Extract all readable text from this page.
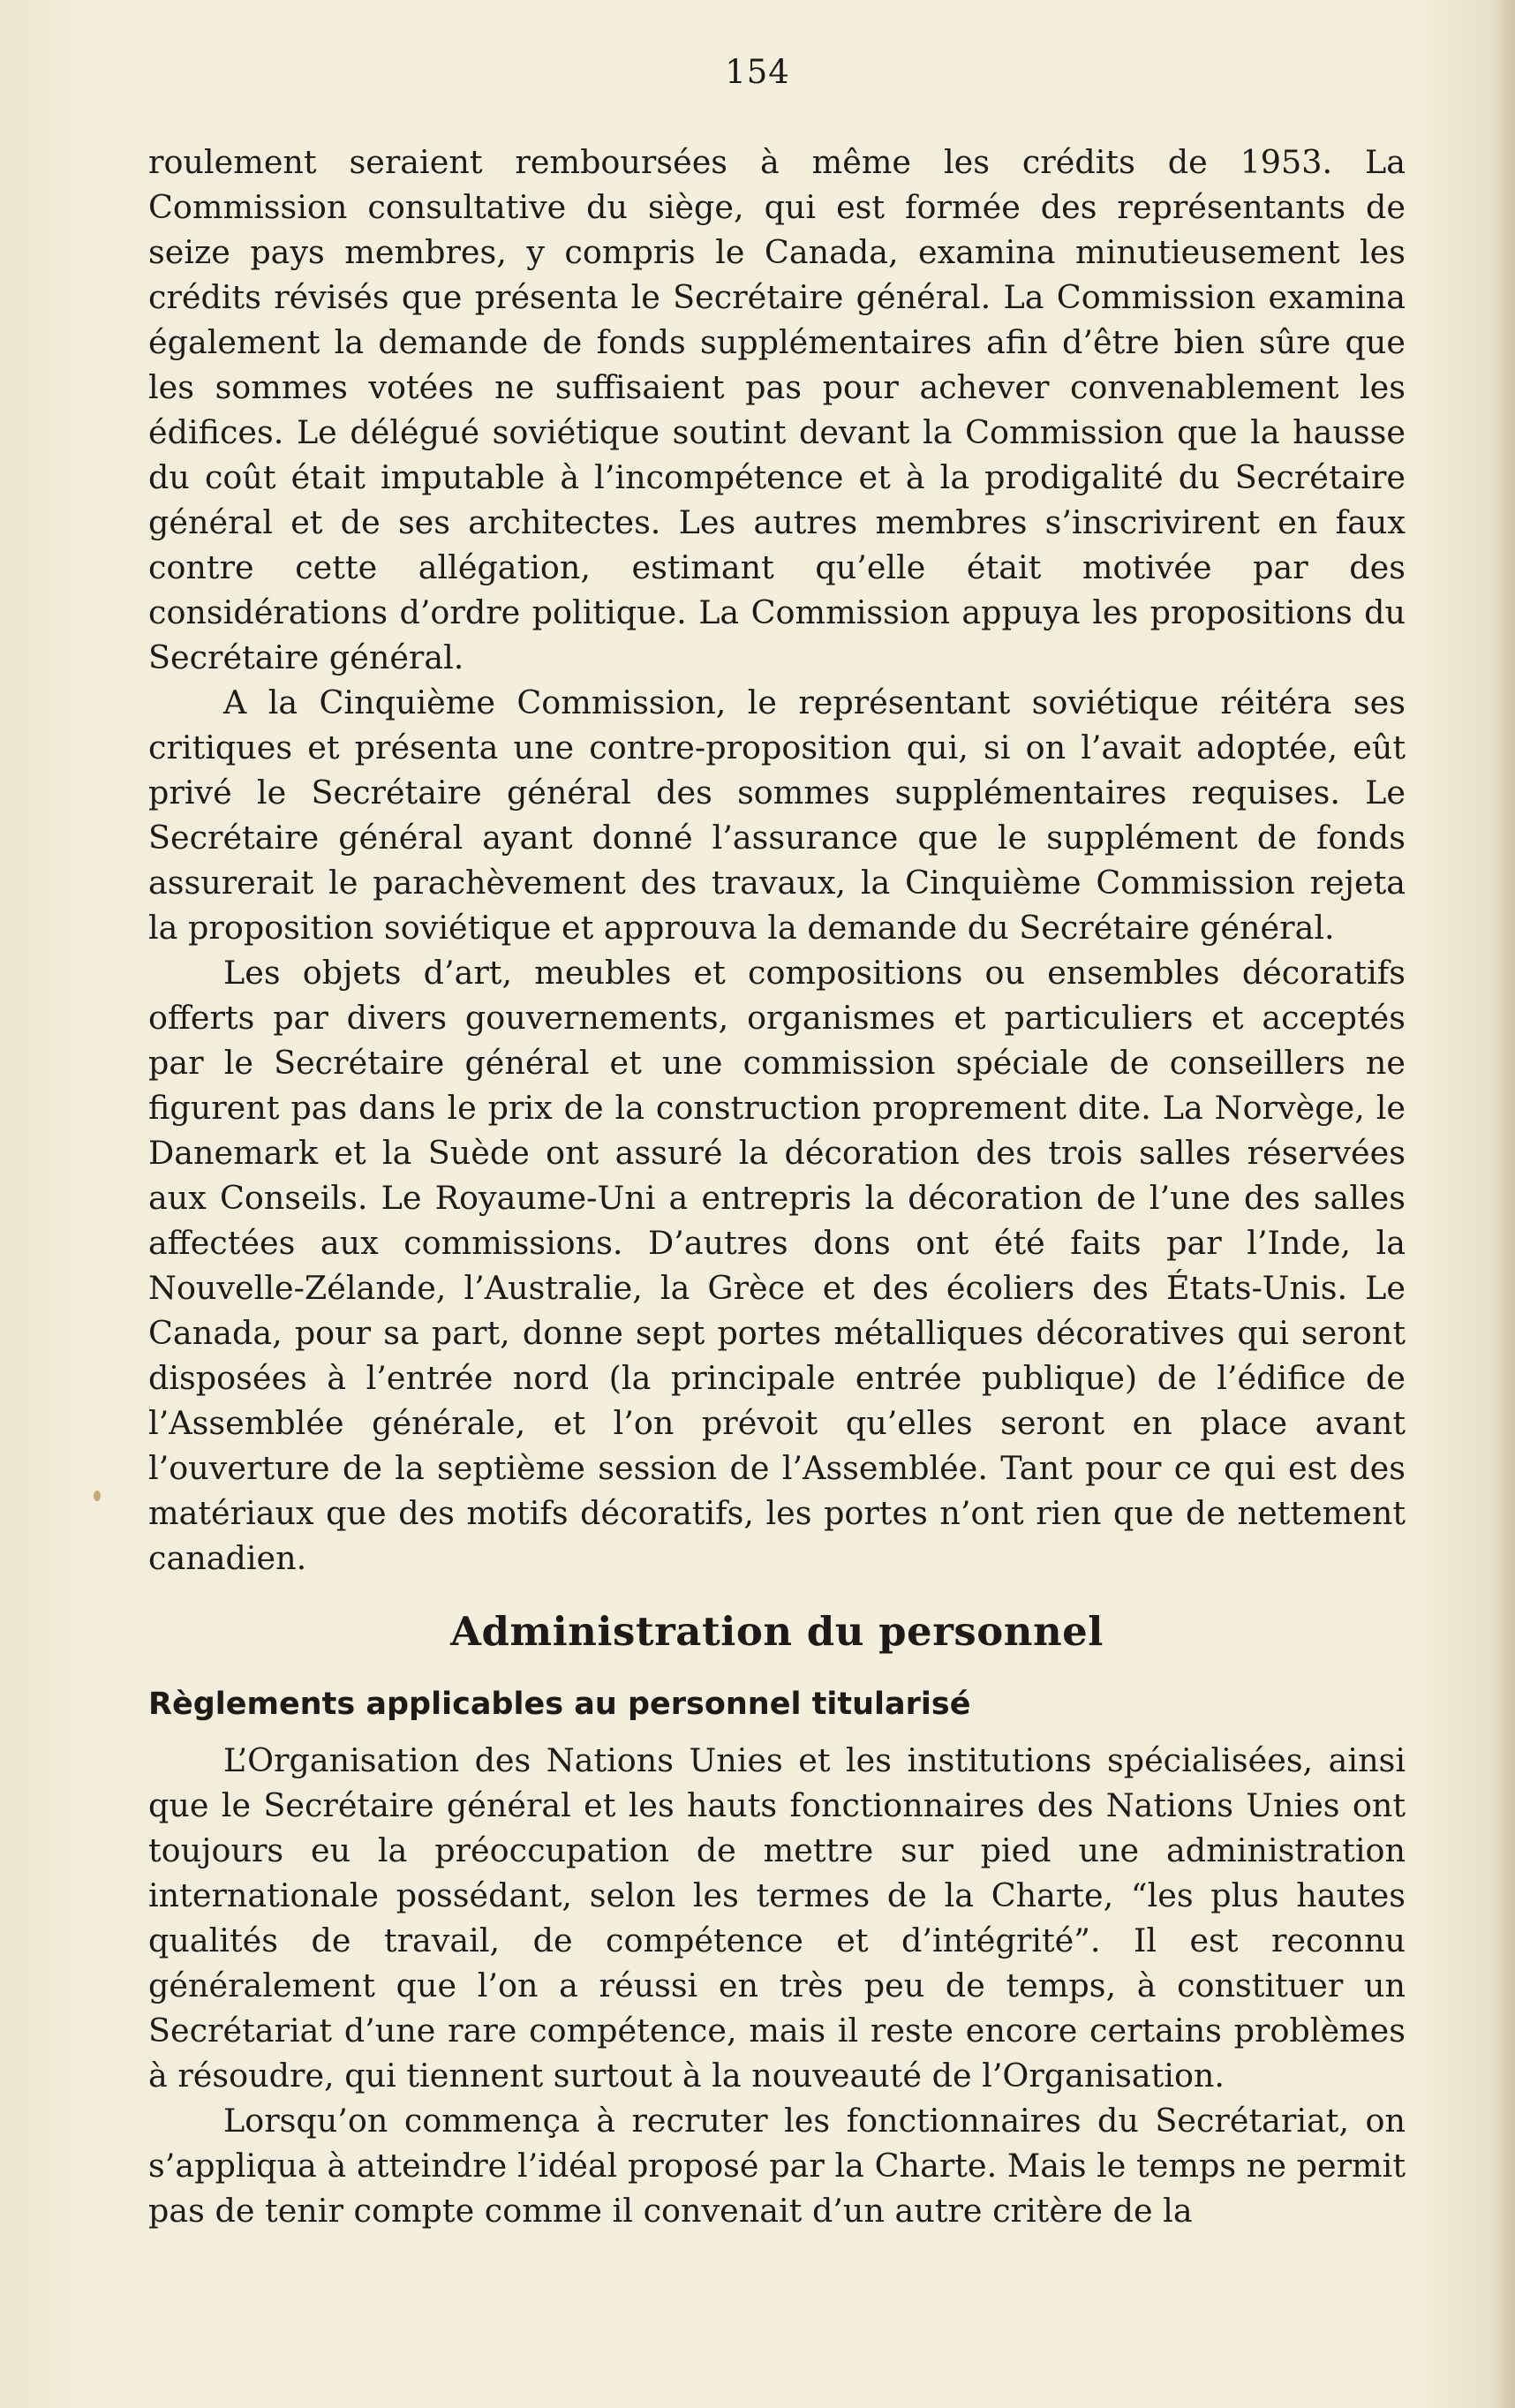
154

roulement seraient remboursées à même les crédits de 1953. La Commission consultative du siège, qui est formée des représentants de seize pays membres, y compris le Canada, examina minutieusement les crédits révisés que présenta le Secrétaire général. La Commission examina également la demande de fonds supplémentaires afin d’être bien sûre que les sommes votées ne suffisaient pas pour achever convenablement les édifices. Le délégué soviétique soutint devant la Commission que la hausse du coût était imputable à l’incompétence et à la prodigalité du Secrétaire général et de ses architectes. Les autres membres s’inscrivirent en faux contre cette allégation, estimant qu’elle était motivée par des considérations d’ordre politique. La Commission appuya les propositions du Secrétaire général.

A la Cinquième Commission, le représentant soviétique réitéra ses critiques et présenta une contre-proposition qui, si on l’avait adoptée, eût privé le Secrétaire général des sommes supplémentaires requises. Le Secrétaire général ayant donné l’assurance que le supplément de fonds assurerait le parachèvement des travaux, la Cinquième Commission rejeta la proposition soviétique et approuva la demande du Secrétaire général.

Les objets d’art, meubles et compositions ou ensembles décoratifs offerts par divers gouvernements, organismes et particuliers et acceptés par le Secrétaire général et une commission spéciale de conseillers ne figurent pas dans le prix de la construction proprement dite. La Norvège, le Danemark et la Suède ont assuré la décoration des trois salles réservées aux Conseils. Le Royaume-Uni a entrepris la décoration de l’une des salles affectées aux commissions. D’autres dons ont été faits par l’Inde, la Nouvelle-Zélande, l’Australie, la Grèce et des écoliers des États-Unis. Le Canada, pour sa part, donne sept portes métalliques décoratives qui seront disposées à l’entrée nord (la principale entrée publique) de l’édifice de l’Assemblée générale, et l’on prévoit qu’elles seront en place avant l’ouverture de la septième session de l’Assemblée. Tant pour ce qui est des matériaux que des motifs décoratifs, les portes n’ont rien que de nettement canadien.

Administration du personnel
Règlements applicables au personnel titularisé

L’Organisation des Nations Unies et les institutions spécialisées, ainsi que le Secrétaire général et les hauts fonctionnaires des Nations Unies ont toujours eu la préoccupation de mettre sur pied une administration internationale possédant, selon les termes de la Charte, “les plus hautes qualités de travail, de compétence et d’intégrité”. Il est reconnu généralement que l’on a réussi en très peu de temps, à constituer un Secrétariat d’une rare compétence, mais il reste encore certains problèmes à résoudre, qui tiennent surtout à la nouveauté de l’Organisation.

Lorsqu’on commença à recruter les fonctionnaires du Secrétariat, on s’appliqua à atteindre l’idéal proposé par la Charte. Mais le temps ne permit pas de tenir compte comme il convenait d’un autre critère de la
